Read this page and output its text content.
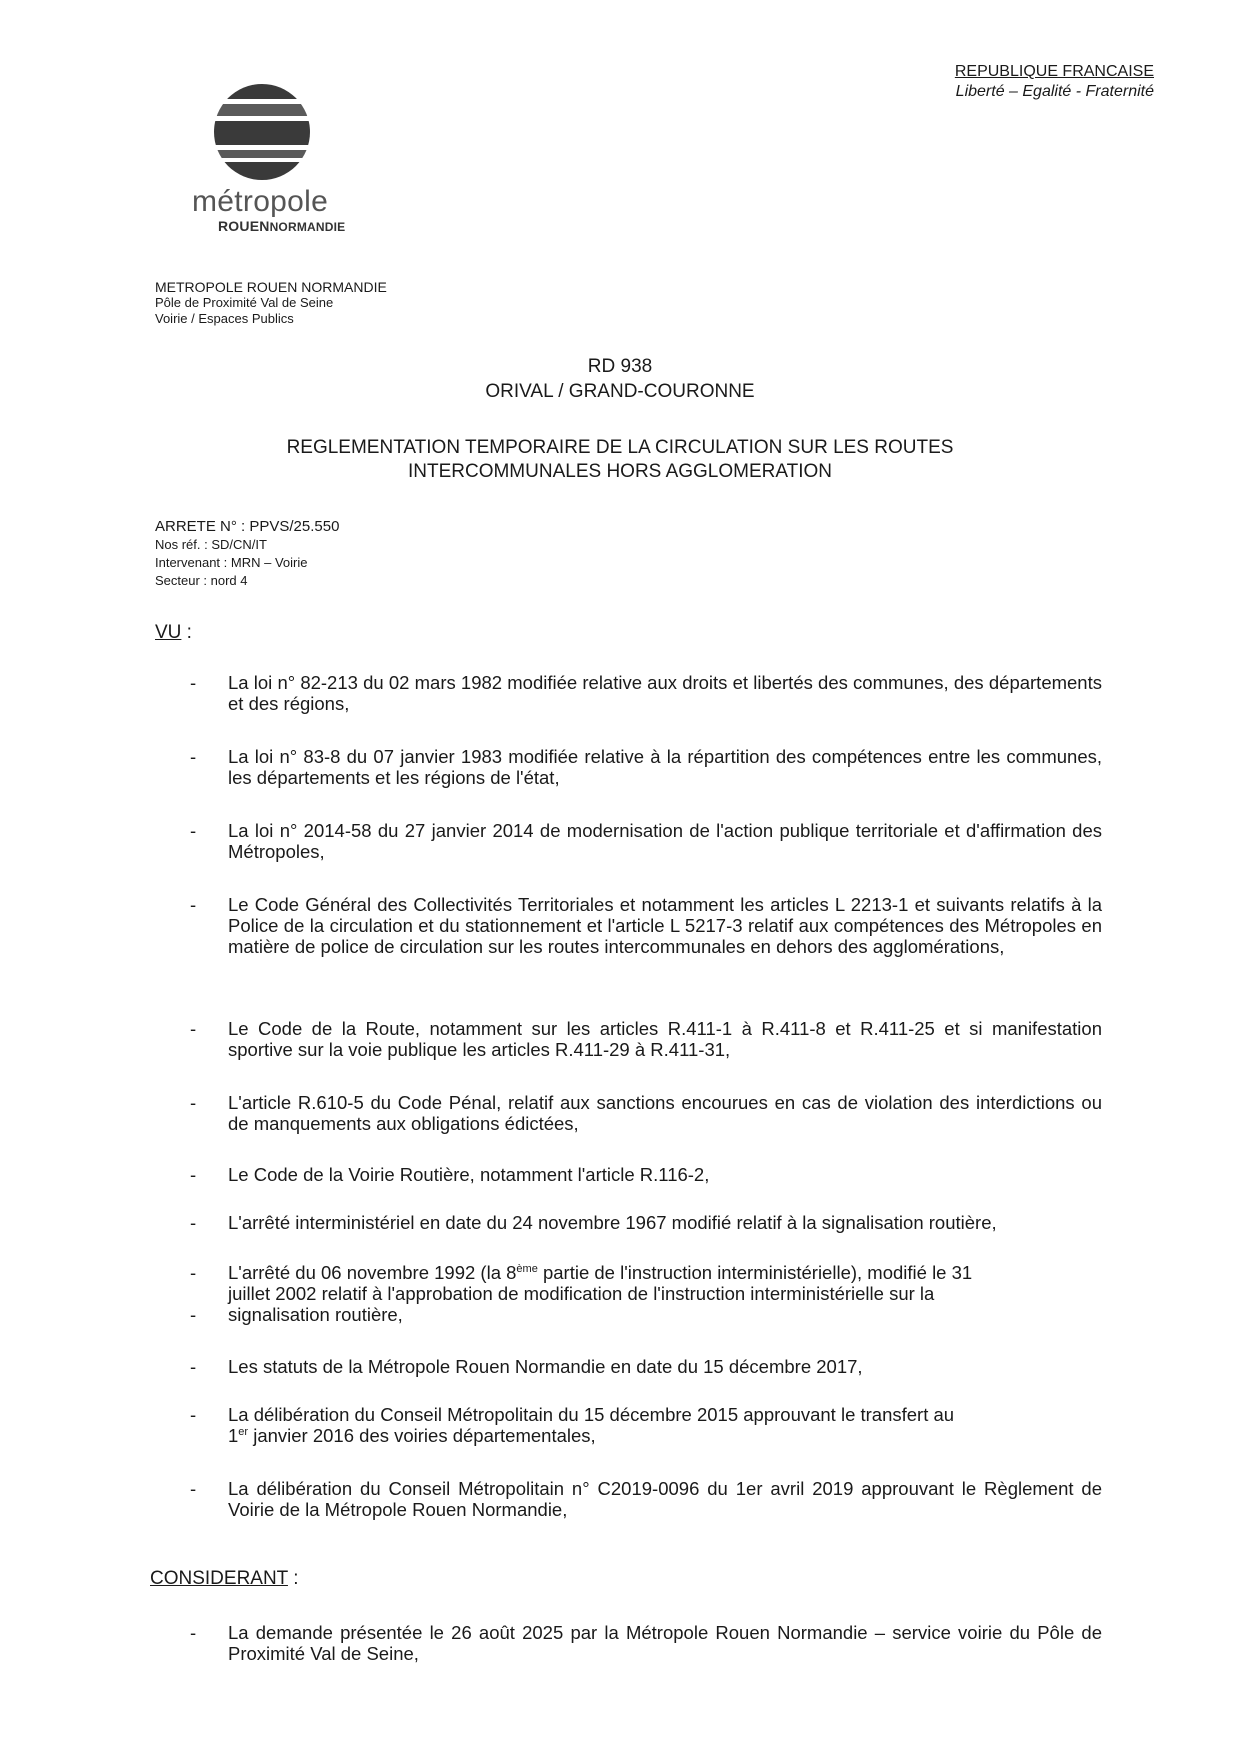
REPUBLIQUE FRANCAISE
Liberté – Egalité - Fraternité
métropole
ROUENNORMANDIE
METROPOLE ROUEN NORMANDIE
Pôle de Proximité Val de Seine
Voirie / Espaces Publics
RD 938
ORIVAL / GRAND-COURONNE
REGLEMENTATION TEMPORAIRE DE LA CIRCULATION SUR LES ROUTES
INTERCOMMUNALES HORS AGGLOMERATION
ARRETE N° : PPVS/25.550
Nos réf. : SD/CN/IT
Intervenant : MRN – Voirie
Secteur : nord 4
VU :
-	La loi n° 82-213 du 02 mars 1982 modifiée relative aux droits et libertés des communes, des départements et des régions,
-	La loi n° 83-8 du 07 janvier 1983 modifiée relative à la répartition des compétences entre les communes, les départements et les régions de l'état,
-	La loi n° 2014-58 du 27 janvier 2014 de modernisation de l'action publique territoriale et d'affirmation des Métropoles,
-	Le Code Général des Collectivités Territoriales et notamment les articles L 2213-1 et suivants relatifs à la Police de la circulation et du stationnement et l'article L 5217-3 relatif aux compétences des Métropoles en matière de police de circulation sur les routes intercommunales en dehors des agglomérations,
-	Le Code de la Route, notamment sur les articles R.411-1 à R.411-8 et R.411-25 et si manifestation sportive sur la voie publique les articles R.411-29 à R.411-31,
-	L'article R.610-5 du Code Pénal, relatif aux sanctions encourues en cas de violation des interdictions ou de manquements aux obligations édictées,
-	Le Code de la Voirie Routière, notamment l'article R.116-2,
-	L'arrêté interministériel en date du 24 novembre 1967 modifié relatif à la signalisation routière,
-	L'arrêté du 06 novembre 1992 (la 8ème partie de l'instruction interministérielle), modifié le 31
juillet 2002 relatif à l'approbation de modification de l'instruction interministérielle sur la
-	signalisation routière,
-	Les statuts de la Métropole Rouen Normandie en date du 15 décembre 2017,
-	La délibération du Conseil Métropolitain du 15 décembre 2015 approuvant le transfert au
1er janvier 2016 des voiries départementales,
-	La délibération du Conseil Métropolitain n° C2019-0096 du 1er avril 2019 approuvant le Règlement de Voirie de la Métropole Rouen Normandie,
CONSIDERANT :
-	La demande présentée le 26 août 2025 par la Métropole Rouen Normandie – service voirie du Pôle de Proximité Val de Seine,
